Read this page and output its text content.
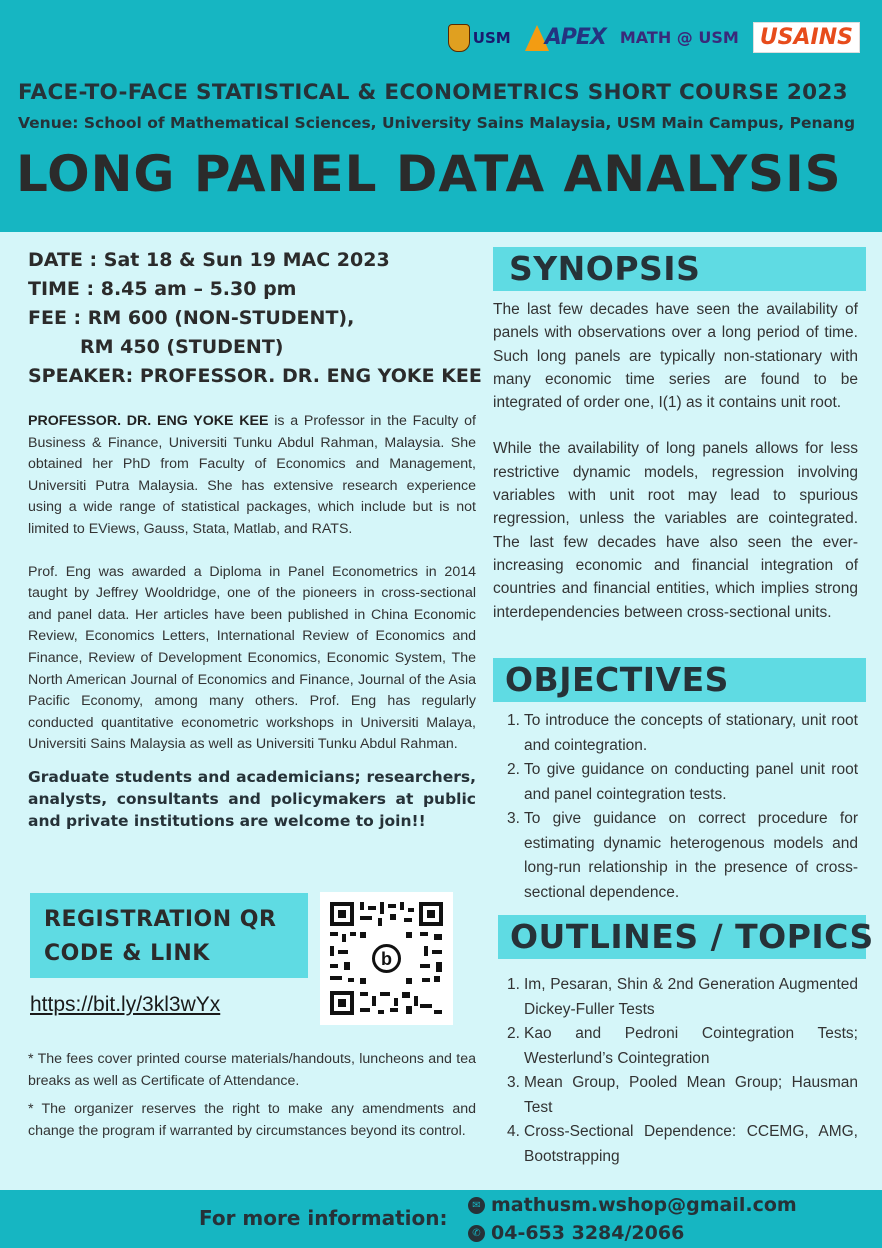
USM APEX MATH @ USM USAINS
FACE-TO-FACE STATISTICAL & ECONOMETRICS SHORT COURSE 2023
Venue: School of Mathematical Sciences, University Sains Malaysia, USM Main Campus, Penang
LONG PANEL DATA ANALYSIS
DATE : Sat 18 & Sun 19 MAC 2023
TIME : 8.45 am – 5.30 pm
FEE : RM 600 (NON-STUDENT),
RM 450 (STUDENT)
SPEAKER: PROFESSOR. DR. ENG YOKE KEE
PROFESSOR. DR. ENG YOKE KEE is a Professor in the Faculty of Business & Finance, Universiti Tunku Abdul Rahman, Malaysia. She obtained her PhD from Faculty of Economics and Management, Universiti Putra Malaysia. She has extensive research experience using a wide range of statistical packages, which include but is not limited to EViews, Gauss, Stata, Matlab, and RATS.
Prof. Eng was awarded a Diploma in Panel Econometrics in 2014 taught by Jeffrey Wooldridge, one of the pioneers in cross-sectional and panel data. Her articles have been published in China Economic Review, Economics Letters, International Review of Economics and Finance, Review of Development Economics, Economic System, The North American Journal of Economics and Finance, Journal of the Asia Pacific Economy, among many others. Prof. Eng has regularly conducted quantitative econometric workshops in Universiti Malaya, Universiti Sains Malaysia as well as Universiti Tunku Abdul Rahman.
Graduate students and academicians; researchers, analysts, consultants and policymakers at public and private institutions are welcome to join!!
REGISTRATION QR CODE & LINK	b
https://bit.ly/3kl3wYx

* The fees cover printed course materials/handouts, luncheons and tea breaks as well as Certificate of Attendance.

* The organizer reserves the right to make any amendments and change the program if warranted by circumstances beyond its control.

SYNOPSIS

The last few decades have seen the availability of panels with observations over a long period of time. Such long panels are typically non-stationary with many economic time series are found to be integrated of order one, I(1) as it contains unit root.

While the availability of long panels allows for less restrictive dynamic models, regression involving variables with unit root may lead to spurious regression, unless the variables are cointegrated. The last few decades have also seen the ever-increasing economic and financial integration of countries and financial entities, which implies strong interdependencies between cross-sectional units.

OBJECTIVES
1. To introduce the concepts of stationary, unit root and cointegration.
2. To give guidance on conducting panel unit root and panel cointegration tests.
3. To give guidance on correct procedure for estimating dynamic heterogenous models and long-run relationship in the presence of cross-sectional dependence.
OUTLINES / TOPICS
1. Im, Pesaran, Shin & 2nd Generation Augmented Dickey-Fuller Tests
2. Kao and Pedroni Cointegration Tests; Westerlund’s Cointegration
3. Mean Group, Pooled Mean Group; Hausman Test
4. Cross-Sectional Dependence: CCEMG, AMG, Bootstrapping
For more information:
✉ mathusm.wshop@gmail.com
✆ 04-653 3284/2066
